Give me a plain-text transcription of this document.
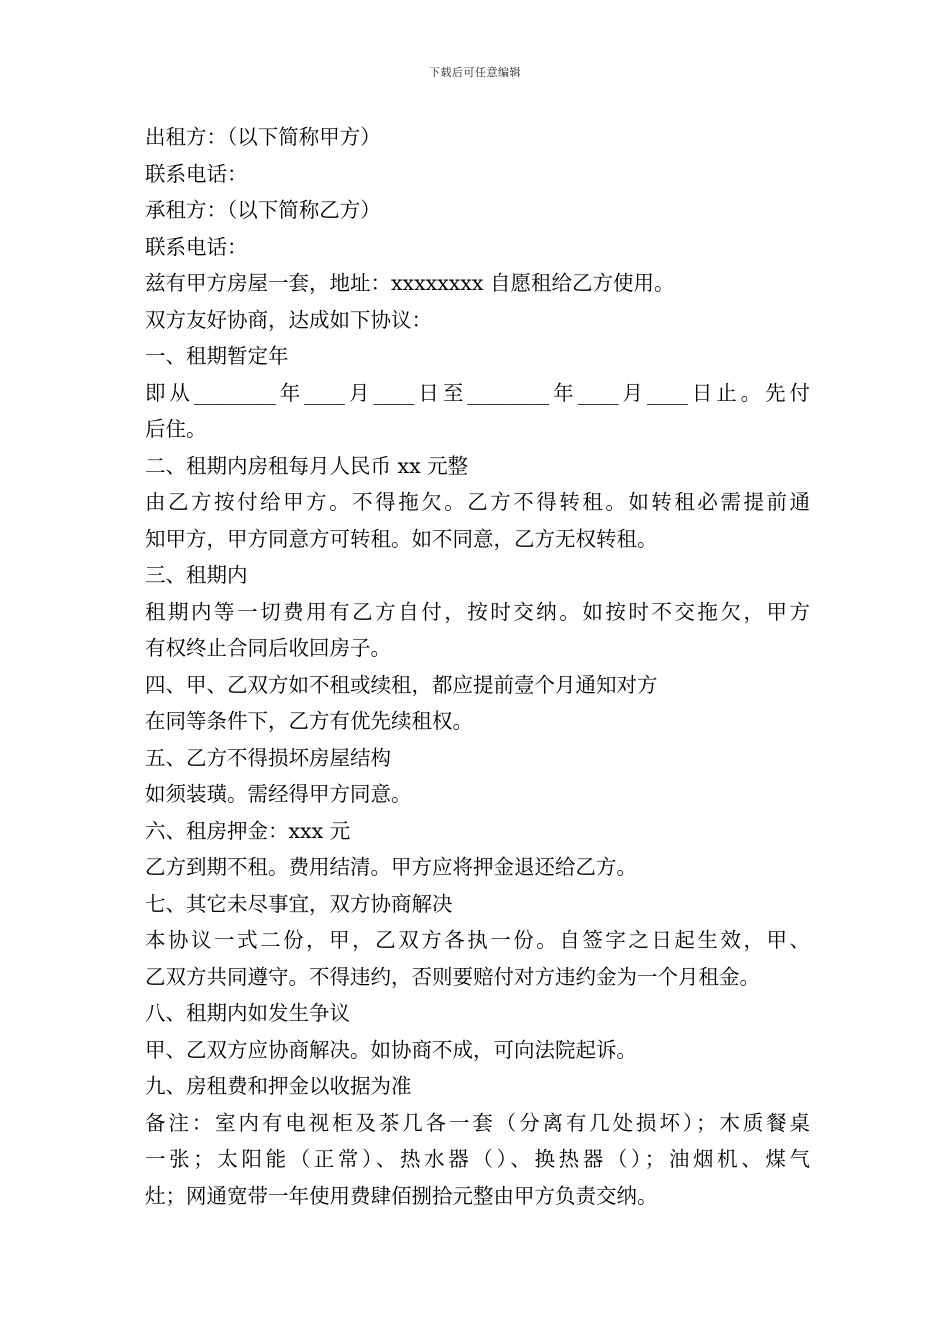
下载后可任意编辑
出租方：（以下简称甲方）
联系电话：
承租方：（以下简称乙方）
联系电话：
兹有甲方房屋一套，地址：xxxxxxxx 自愿租给乙方使用。
双方友好协商，达成如下协议：
一、租期暂定年
即从________年____月____日至________年____月____日止。先付
后住。
二、租期内房租每月人民币 xx 元整
由乙方按付给甲方。不得拖欠。乙方不得转租。如转租必需提前通
知甲方，甲方同意方可转租。如不同意，乙方无权转租。
三、租期内
租期内等一切费用有乙方自付，按时交纳。如按时不交拖欠，甲方
有权终止合同后收回房子。
四、甲、乙双方如不租或续租，都应提前壹个月通知对方
在同等条件下，乙方有优先续租权。
五、乙方不得损坏房屋结构
如须装璜。需经得甲方同意。
六、租房押金：xxx 元
乙方到期不租。费用结清。甲方应将押金退还给乙方。
七、其它未尽事宜，双方协商解决
本协议一式二份，甲，乙双方各执一份。自签字之日起生效，甲、
乙双方共同遵守。不得违约，否则要赔付对方违约金为一个月租金。
八、租期内如发生争议
甲、乙双方应协商解决。如协商不成，可向法院起诉。
九、房租费和押金以收据为准
备注：室内有电视柜及茶几各一套（分离有几处损坏）；木质餐桌
一张；太阳能（正常）、热水器（）、换热器（）；油烟机、煤气
灶；网通宽带一年使用费肆佰捌拾元整由甲方负责交纳。
